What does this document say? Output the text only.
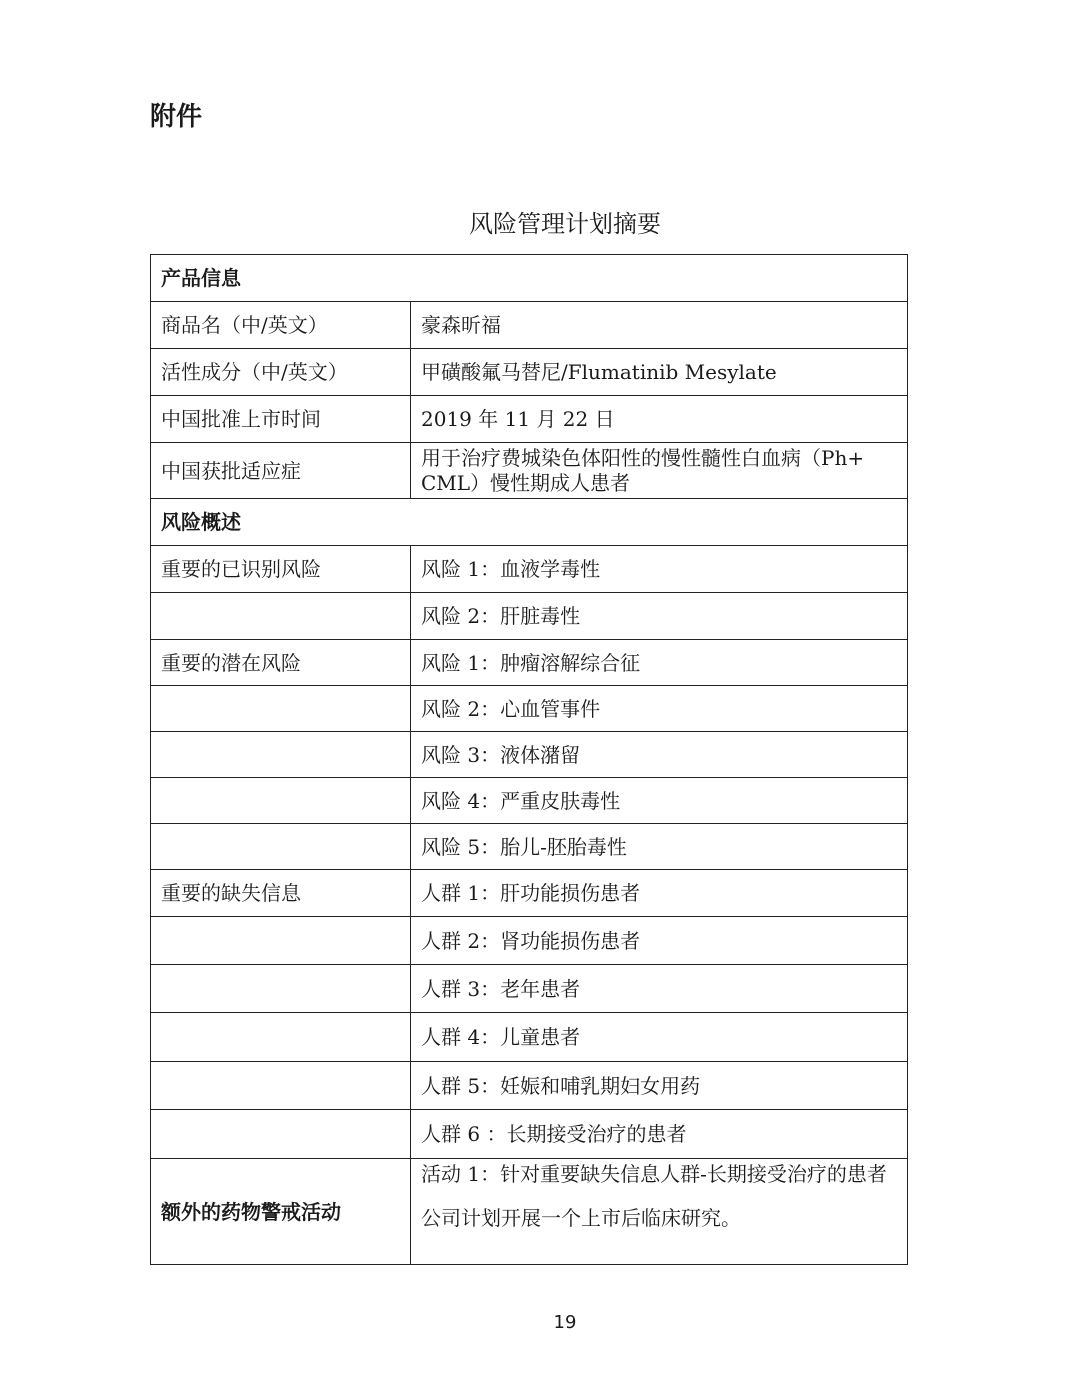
附件
风险管理计划摘要
产品信息	
商品名（中/英文）	豪森昕福
活性成分（中/英文）	甲磺酸氟马替尼/Flumatinib Mesylate
中国批准上市时间	2019 年 11 月 22 日
中国获批适应症	用于治疗费城染色体阳性的慢性髓性白血病（Ph+ CML）慢性期成人患者
风险概述	
重要的已识别风险	风险 1：血液学毒性
	风险 2：肝脏毒性
重要的潜在风险	风险 1：肿瘤溶解综合征
	风险 2：心血管事件
	风险 3：液体潴留
	风险 4：严重皮肤毒性
	风险 5：胎儿-胚胎毒性
重要的缺失信息	人群 1：肝功能损伤患者
	人群 2：肾功能损伤患者
	人群 3：老年患者
	人群 4：儿童患者
	人群 5：妊娠和哺乳期妇女用药
	人群 6 ：长期接受治疗的患者
额外的药物警戒活动	活动 1：针对重要缺失信息人群-长期接受治疗的患者
公司计划开展一个上市后临床研究。
19
